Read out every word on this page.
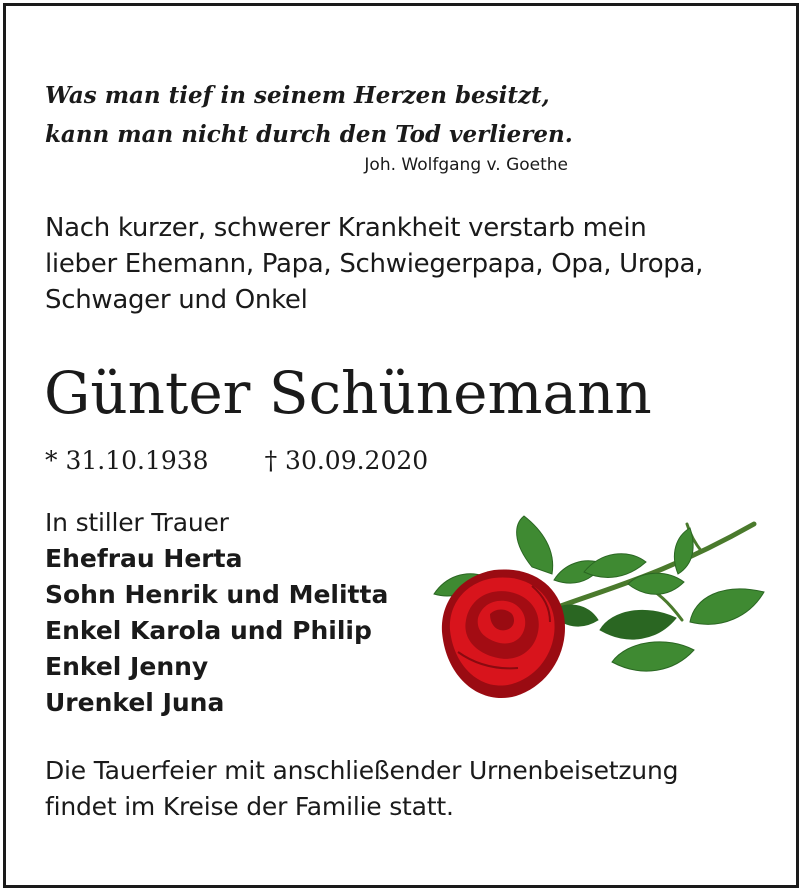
Was man tief in seinem Herzen besitzt,
kann man nicht durch den Tod verlieren.
Joh. Wolfgang v. Goethe
Nach kurzer, schwerer Krankheit verstarb mein
lieber Ehemann, Papa, Schwiegerpapa, Opa, Uropa,
Schwager und Onkel
Günter Schünemann
* 31.10.1938 † 30.09.2020
In stiller Trauer
Ehefrau Herta
Sohn Henrik und Melitta
Enkel Karola und Philip
Enkel Jenny
Urenkel Juna
Die Tauerfeier mit anschließender Urnenbeisetzung
findet im Kreise der Familie statt.
